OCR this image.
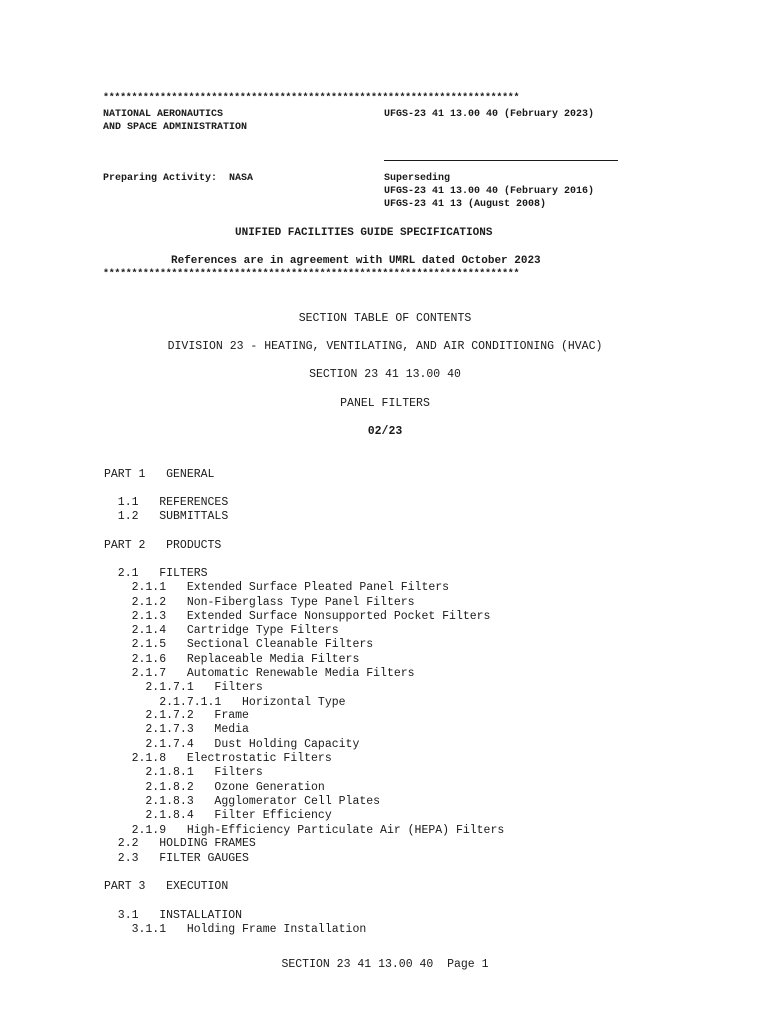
*************************************************************************
NATIONAL AERONAUTICS
AND SPACE ADMINISTRATION
UFGS-23 41 13.00 40 (February 2023)
Preparing Activity:  NASA	Superseding
UFGS-23 41 13.00 40 (February 2016)
UFGS-23 41 13 (August 2008)
UNIFIED FACILITIES GUIDE SPECIFICATIONS
References are in agreement with UMRL dated October 2023
*************************************************************************
SECTION TABLE OF CONTENTS
DIVISION 23 - HEATING, VENTILATING, AND AIR CONDITIONING (HVAC)
SECTION 23 41 13.00 40
PANEL FILTERS
02/23
PART 1   GENERAL
1.1   REFERENCES
1.2   SUBMITTALS
PART 2   PRODUCTS
2.1   FILTERS
2.1.1   Extended Surface Pleated Panel Filters
2.1.2   Non-Fiberglass Type Panel Filters
2.1.3   Extended Surface Nonsupported Pocket Filters
2.1.4   Cartridge Type Filters
2.1.5   Sectional Cleanable Filters
2.1.6   Replaceable Media Filters
2.1.7   Automatic Renewable Media Filters
2.1.7.1   Filters
2.1.7.1.1   Horizontal Type
2.1.7.2   Frame
2.1.7.3   Media
2.1.7.4   Dust Holding Capacity
2.1.8   Electrostatic Filters
2.1.8.1   Filters
2.1.8.2   Ozone Generation
2.1.8.3   Agglomerator Cell Plates
2.1.8.4   Filter Efficiency
2.1.9   High-Efficiency Particulate Air (HEPA) Filters
2.2   HOLDING FRAMES
2.3   FILTER GAUGES
PART 3   EXECUTION
3.1   INSTALLATION
3.1.1   Holding Frame Installation
SECTION 23 41 13.00 40  Page 1
